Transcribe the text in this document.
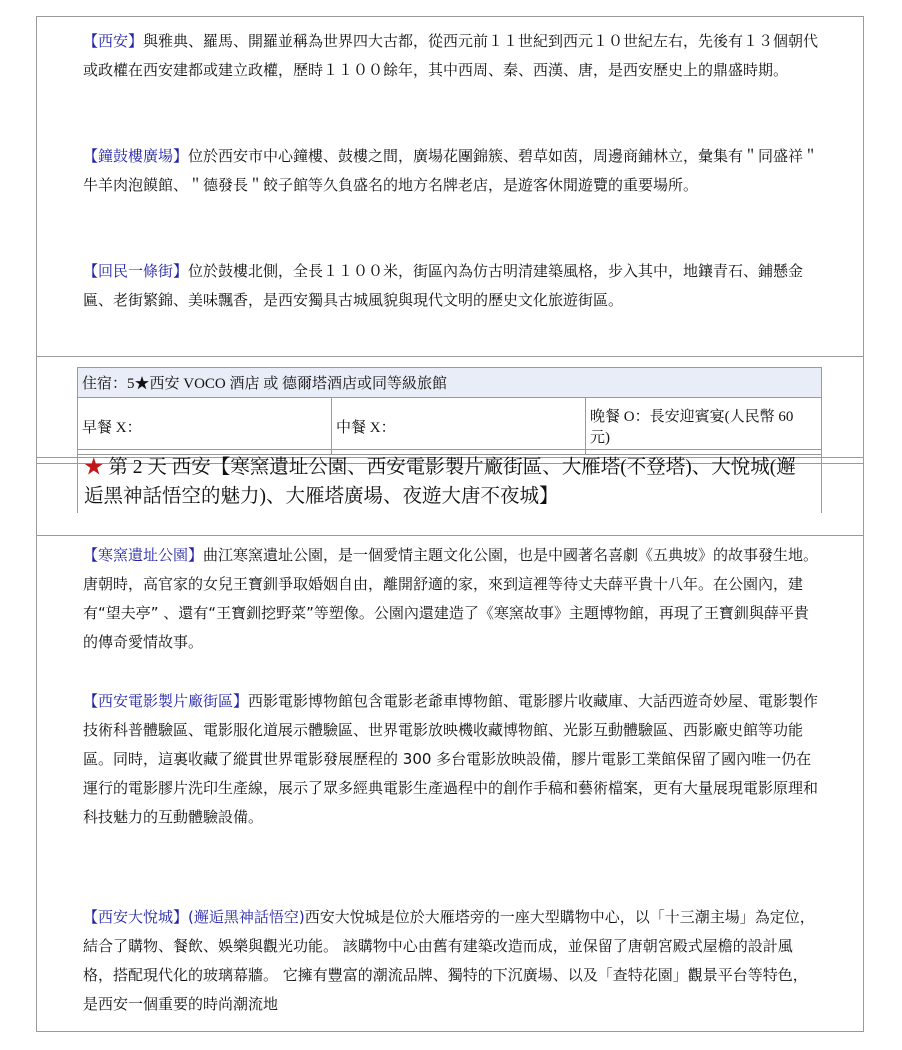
【西安】與雅典、羅馬、開羅並稱為世界四大古都，從西元前１１世紀到西元１０世紀左右，先後有１３個朝代或政權在西安建都或建立政權，歷時１１００餘年，其中西周、秦、西漢、唐，是西安歷史上的鼎盛時期。

【鐘鼓樓廣場】位於西安市中心鐘樓、鼓樓之間，廣場花團錦簇、碧草如茵，周邊商鋪林立，彙集有＂同盛祥＂牛羊肉泡饃館、＂德發長＂餃子館等久負盛名的地方名牌老店，是遊客休閒遊覽的重要場所。

【回民一條街】位於鼓樓北側，全長１１００米，街區內為仿古明清建築風格，步入其中，地鑲青石、鋪懸金匾、老街繁錦、美味飄香，是西安獨具古城風貌與現代文明的歷史文化旅遊街區。

住宿：5★西安 VOCO 酒店 或 德爾塔酒店或同等級旅館
早餐 X：	中餐 X：	晚餐 O：長安迎賓宴(人民幣 60 元)
★ 第 2 天 西安【寒窯遺址公園、西安電影製片廠街區、大雁塔(不登塔)、大悅城(邂逅黑神話悟空的魅力)、大雁塔廣場、夜遊大唐不夜城】

【寒窯遺址公園】曲江寒窯遺址公園，是一個愛情主題文化公園，也是中國著名喜劇《五典坡》的故事發生地。唐朝時，高官家的女兒王寶釧爭取婚姻自由，離開舒適的家，來到這裡等待丈夫薛平貴十八年。在公園內，建有“望夫亭” 、還有“王寶釧挖野菜”等塑像。公園內還建造了《寒窯故事》主題博物館，再現了王寶釧與薛平貴的傳奇愛情故事。

【西安電影製片廠街區】西影電影博物館包含電影老爺車博物館、電影膠片收藏庫、大話西遊奇妙屋、電影製作技術科普體驗區、電影服化道展示體驗區、世界電影放映機收藏博物館、光影互動體驗區、西影廠史館等功能區。同時，這裏收藏了縱貫世界電影發展歷程的 300 多台電影放映設備，膠片電影工業館保留了國內唯一仍在運行的電影膠片洗印生產線，展示了眾多經典電影生產過程中的創作手稿和藝術檔案，更有大量展現電影原理和科技魅力的互動體驗設備。

【西安大悅城】(邂逅黑神話悟空)西安大悅城是位於大雁塔旁的一座大型購物中心，以「十三潮主場」為定位，結合了購物、餐飲、娛樂與觀光功能。 該購物中心由舊有建築改造而成，並保留了唐朝宮殿式屋檐的設計風格，搭配現代化的玻璃幕牆。 它擁有豐富的潮流品牌、獨特的下沉廣場、以及「查特花園」觀景平台等特色，是西安一個重要的時尚潮流地
